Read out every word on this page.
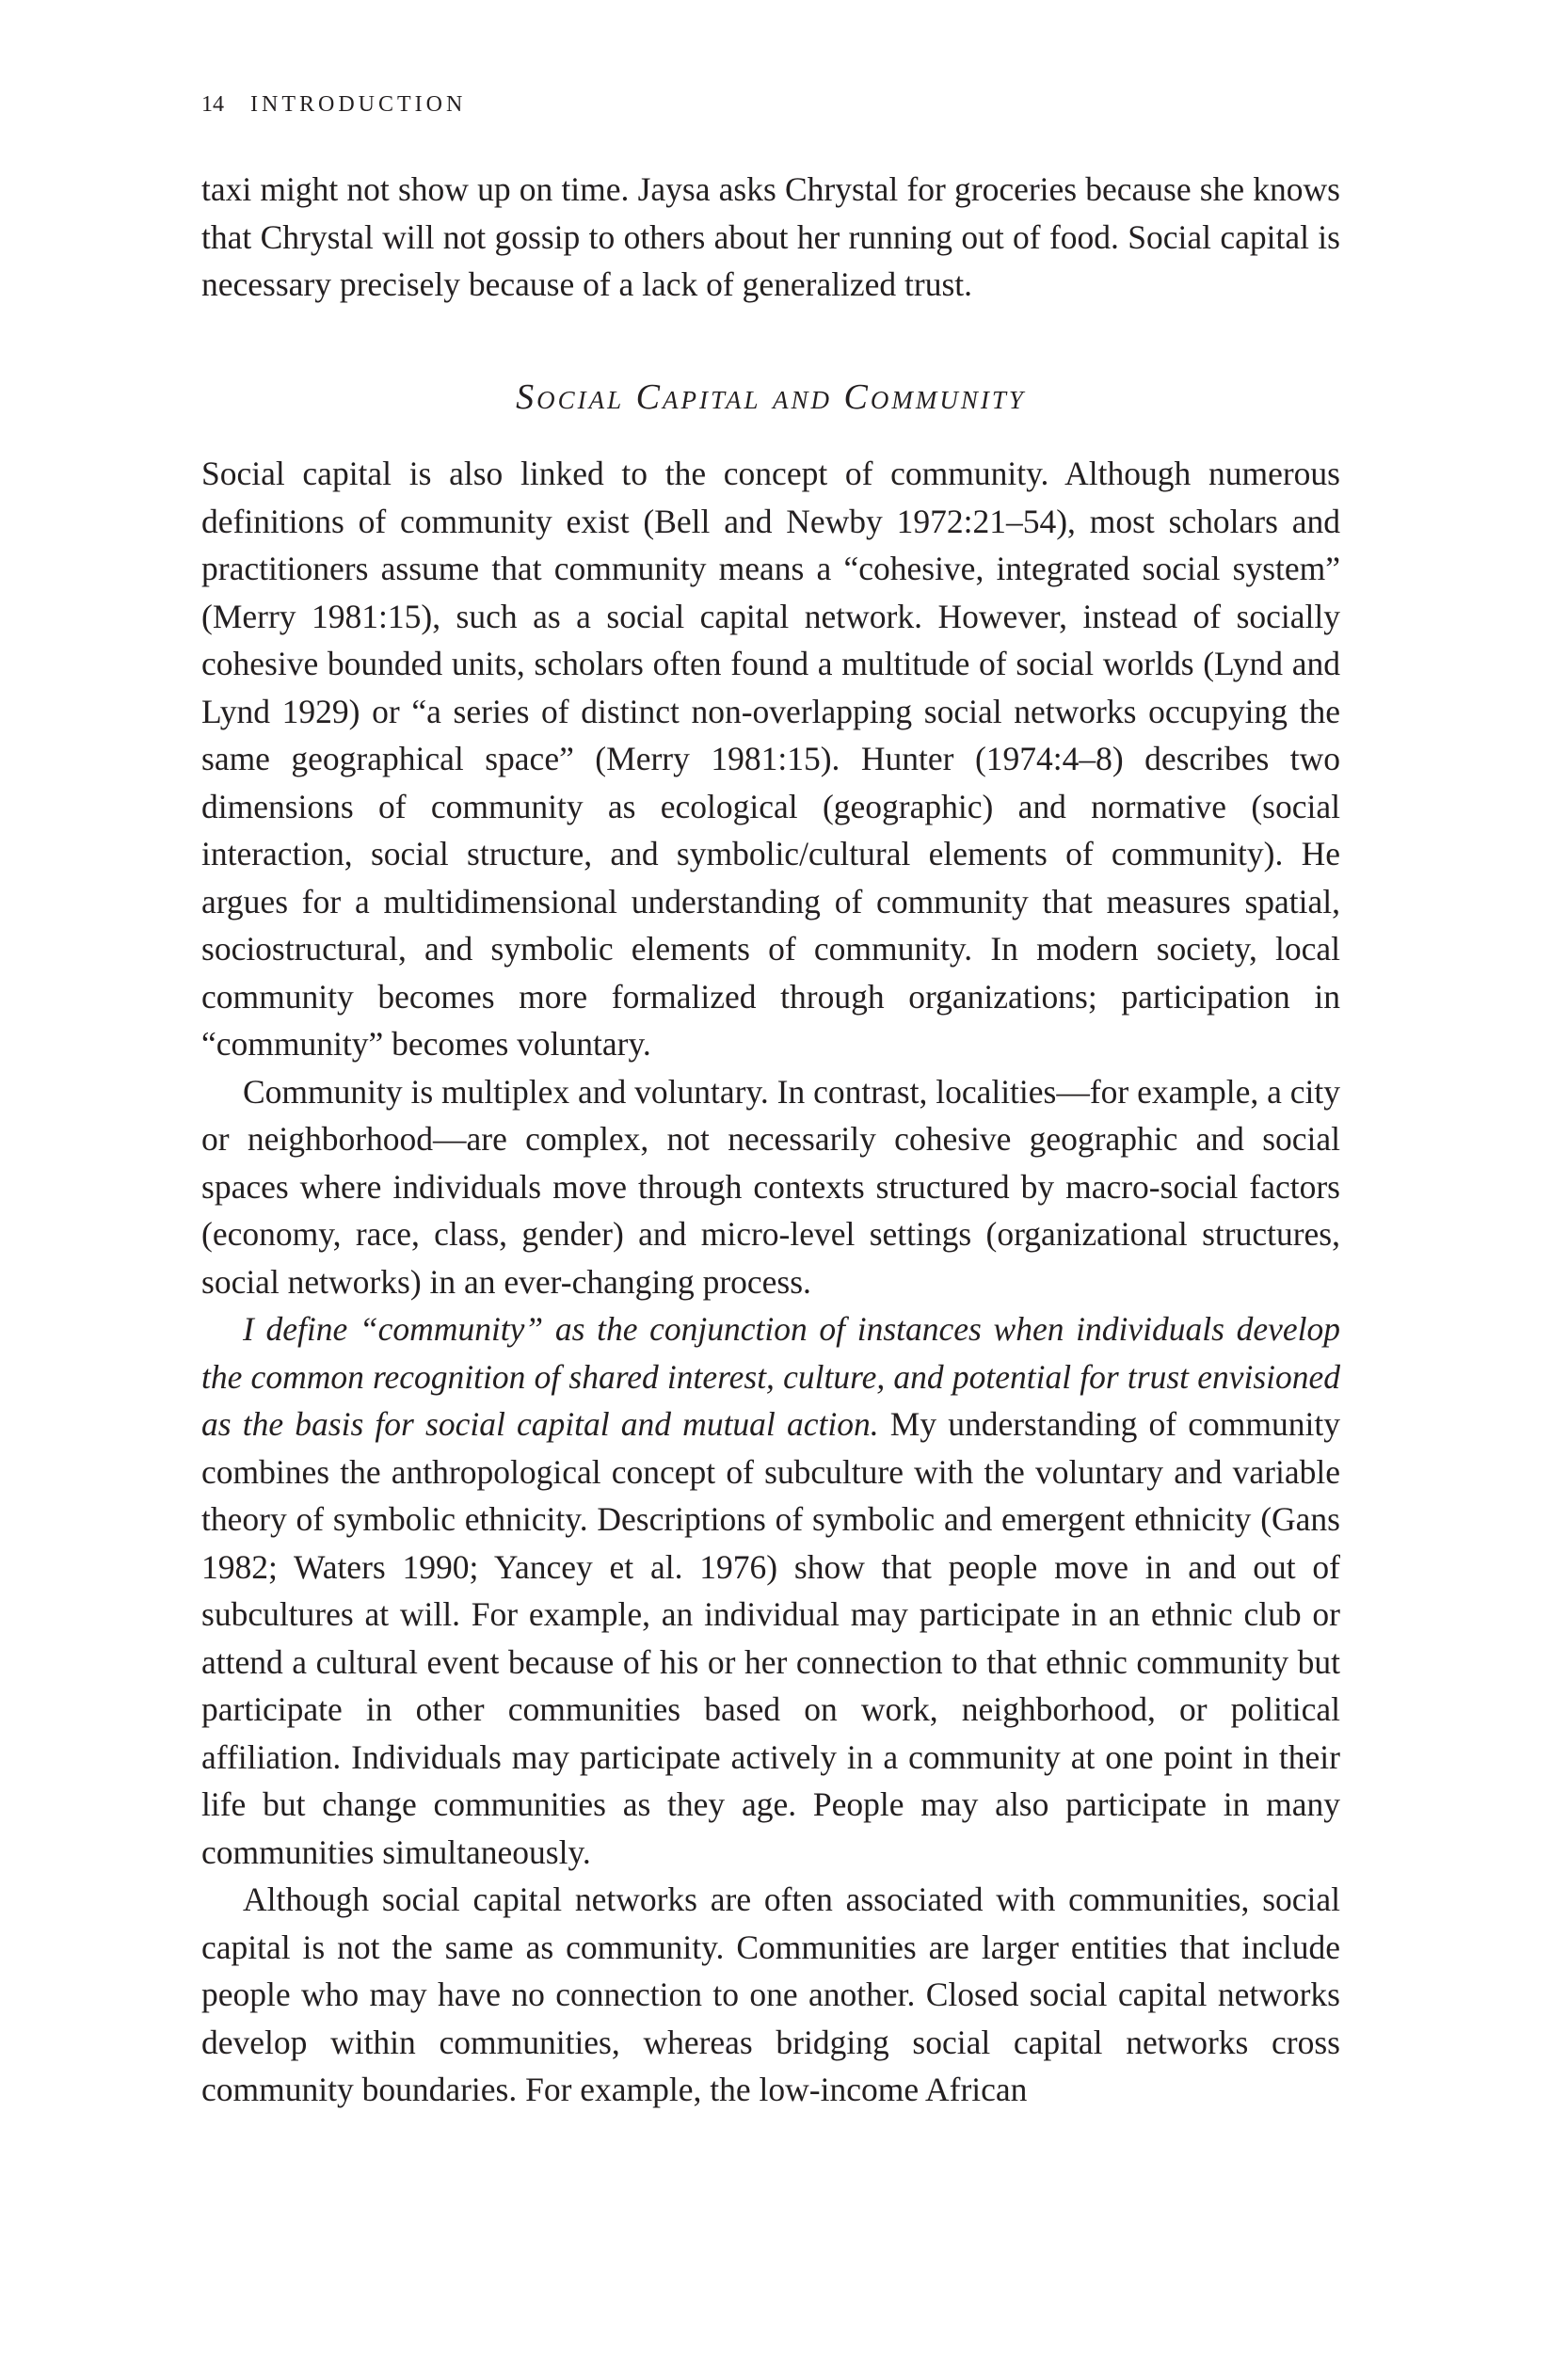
14 INTRODUCTION

taxi might not show up on time. Jaysa asks Chrystal for groceries because she knows that Chrystal will not gossip to others about her running out of food. Social capital is necessary precisely because of a lack of generalized trust.

Social Capital and Community

Social capital is also linked to the concept of community. Although numerous definitions of community exist (Bell and Newby 1972:21–54), most scholars and practitioners assume that community means a “cohesive, integrated social system” (Merry 1981:15), such as a social capital network. However, instead of socially cohesive bounded units, scholars often found a multitude of social worlds (Lynd and Lynd 1929) or “a series of distinct non-overlapping social networks occupying the same geographical space” (Merry 1981:15). Hunter (1974:4–8) describes two dimensions of community as ecological (geographic) and normative (social interaction, social structure, and symbolic/cultural elements of community). He argues for a multidimensional understanding of community that measures spatial, sociostructural, and symbolic elements of community. In modern society, local community becomes more formalized through organizations; participation in “community” becomes voluntary.

Community is multiplex and voluntary. In contrast, localities—for example, a city or neighborhood—are complex, not necessarily cohesive geographic and social spaces where individuals move through contexts structured by macro-social factors (economy, race, class, gender) and micro-level settings (organizational structures, social networks) in an ever-changing process.

I define “community” as the conjunction of instances when individuals develop the common recognition of shared interest, culture, and potential for trust envisioned as the basis for social capital and mutual action. My understanding of community combines the anthropological concept of subculture with the voluntary and variable theory of symbolic ethnicity. Descriptions of symbolic and emergent ethnicity (Gans 1982; Waters 1990; Yancey et al. 1976) show that people move in and out of subcultures at will. For example, an individual may participate in an ethnic club or attend a cultural event because of his or her connection to that ethnic community but participate in other communities based on work, neighborhood, or political affiliation. Individuals may participate actively in a community at one point in their life but change communities as they age. People may also participate in many communities simultaneously.

Although social capital networks are often associated with communities, social capital is not the same as community. Communities are larger entities that include people who may have no connection to one another. Closed social capital networks develop within communities, whereas bridging social capital networks cross community boundaries. For example, the low-income African
